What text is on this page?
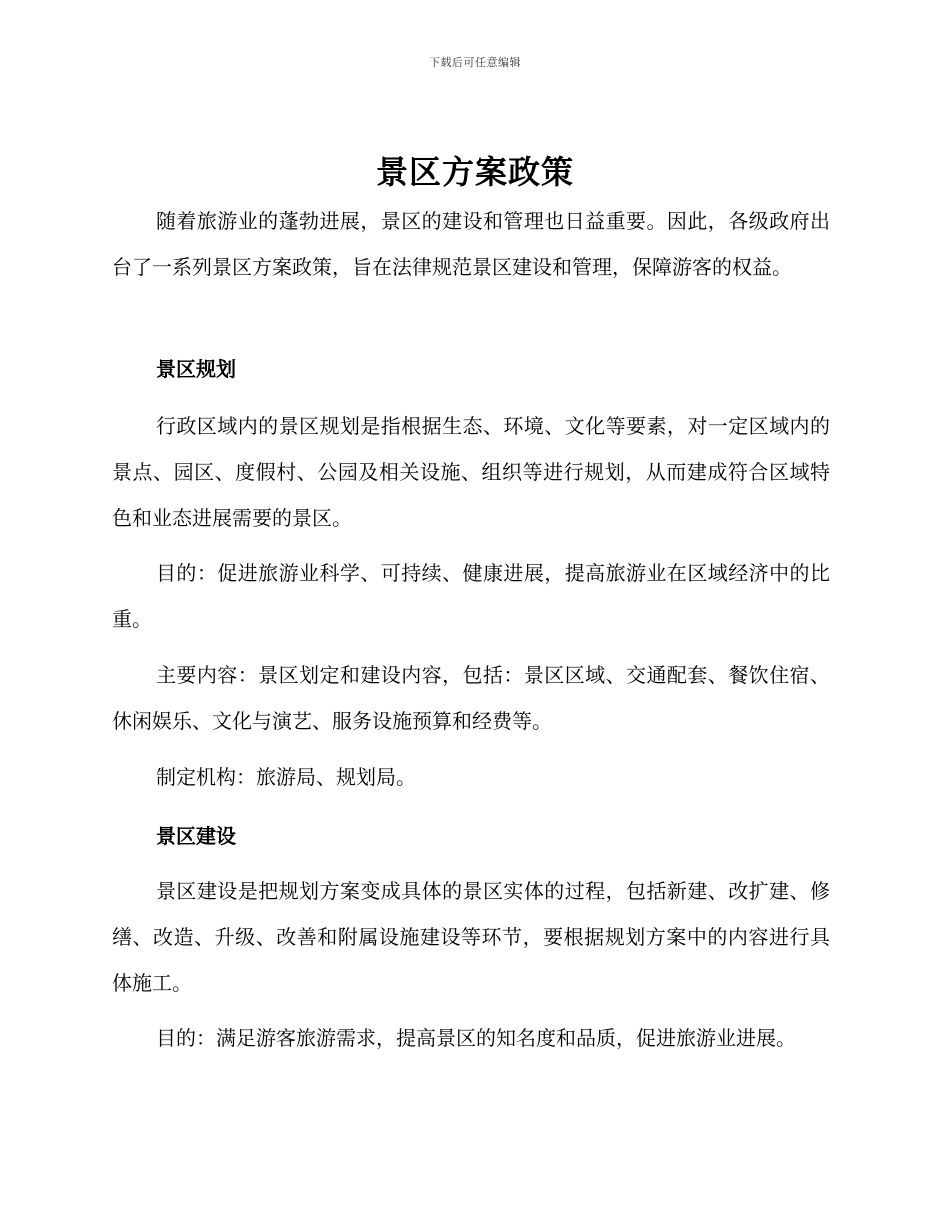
下载后可任意编辑
景区方案政策

随着旅游业的蓬勃进展，景区的建设和管理也日益重要。因此，各级政府出台了一系列景区方案政策，旨在法律规范景区建设和管理，保障游客的权益。

景区规划

行政区域内的景区规划是指根据生态、环境、文化等要素，对一定区域内的景点、园区、度假村、公园及相关设施、组织等进行规划，从而建成符合区域特色和业态进展需要的景区。

目的：促进旅游业科学、可持续、健康进展，提高旅游业在区域经济中的比重。

主要内容：景区划定和建设内容，包括：景区区域、交通配套、餐饮住宿、休闲娱乐、文化与演艺、服务设施预算和经费等。

制定机构：旅游局、规划局。

景区建设

景区建设是把规划方案变成具体的景区实体的过程，包括新建、改扩建、修缮、改造、升级、改善和附属设施建设等环节，要根据规划方案中的内容进行具体施工。

目的：满足游客旅游需求，提高景区的知名度和品质，促进旅游业进展。
